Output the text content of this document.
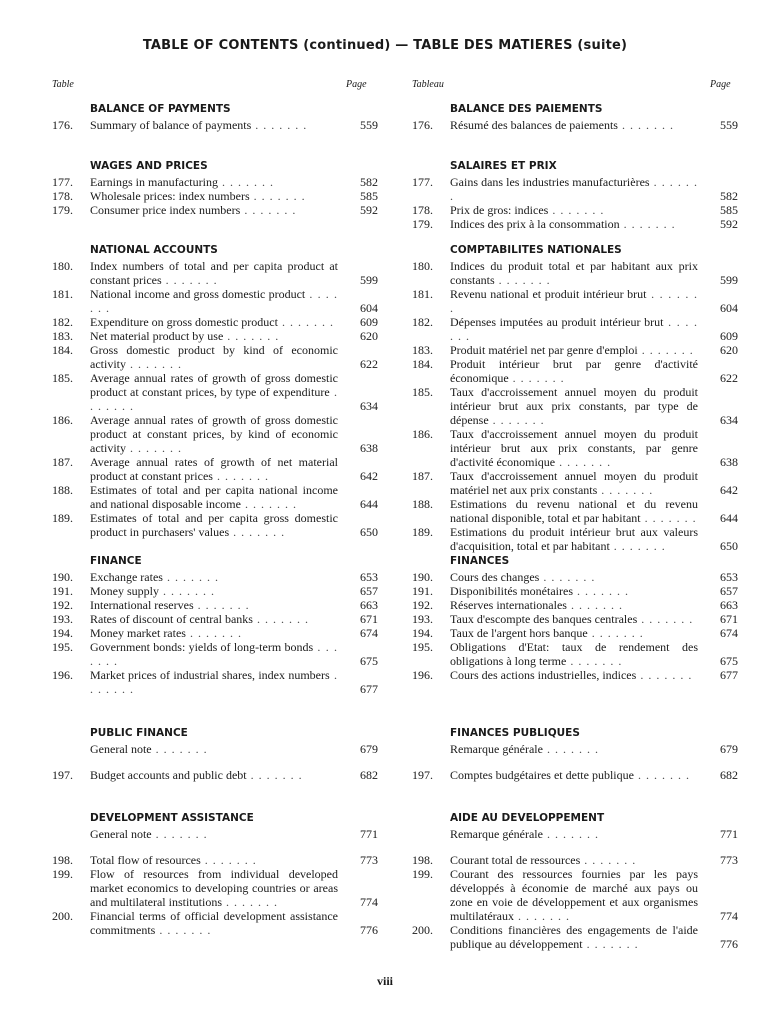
TABLE OF CONTENTS (continued) — TABLE DES MATIERES (suite)
Table	Page	Tableau	Page
BALANCE OF PAYMENTS
176. Summary of balance of payments . . . . . . .	559
WAGES AND PRICES
177. Earnings in manufacturing . . . . . . .	582
178. Wholesale prices: index numbers . . . . . . .	585
179. Consumer price index numbers . . . . . . .	592
NATIONAL ACCOUNTS
180. Index numbers of total and per capita product at constant prices . . . . . . .	599
181. National income and gross domestic product . . . . . . .	604
182. Expenditure on gross domestic product . . . . . . .	609
183. Net material product by use . . . . . . .	620
184. Gross domestic product by kind of economic activity . . . . . . .	622
185. Average annual rates of growth of gross domestic product at constant prices, by type of expenditure . . . . . . .	634
186. Average annual rates of growth of gross domestic product at constant prices, by kind of economic activity . . . . . . .	638
187. Average annual rates of growth of net material product at constant prices . . . . . . .	642
188. Estimates of total and per capita national income and national disposable income . . . . . . .	644
189. Estimates of total and per capita gross domestic product in purchasers' values . . . . . . .	650
FINANCE
190. Exchange rates . . . . . . .	653
191. Money supply . . . . . . .	657
192. International reserves . . . . . . .	663
193. Rates of discount of central banks . . . . . . .	671
194. Money market rates . . . . . . .	674
195. Government bonds: yields of long-term bonds . . . . . . .	675
196. Market prices of industrial shares, index numbers . . . . . . .	677
PUBLIC FINANCE
General note . . . . . . .	679
197. Budget accounts and public debt . . . . . . .	682
DEVELOPMENT ASSISTANCE
General note . . . . . . .	771
198. Total flow of resources . . . . . . .	773
199. Flow of resources from individual developed market economics to developing countries or areas and multilateral institutions . . . . . . .	774
200. Financial terms of official development assistance commitments . . . . . . .	776
BALANCE DES PAIEMENTS
176. Résumé des balances de paiements . . . . . . .	559
SALAIRES ET PRIX
177. Gains dans les industries manufacturières . . . . . . .	582
178. Prix de gros: indices . . . . . . .	585
179. Indices des prix à la consommation . . . . . . .	592
COMPTABILITES NATIONALES
180. Indices du produit total et par habitant aux prix constants . . . . . . .	599
181. Revenu national et produit intérieur brut . . . . . . .	604
182. Dépenses imputées au produit intérieur brut . . . . . . .	609
183. Produit matériel net par genre d'emploi . . . . . . .	620
184. Produit intérieur brut par genre d'activité économique . . . . . . .	622
185. Taux d'accroissement annuel moyen du produit intérieur brut aux prix constants, par type de dépense . . . . . . .	634
186. Taux d'accroissement annuel moyen du produit intérieur brut aux prix constants, par genre d'activité économique . . . . . . .	638
187. Taux d'accroissement annuel moyen du produit matériel net aux prix constants . . . . . . .	642
188. Estimations du revenu national et du revenu national disponible, total et par habitant . . . . . . . 644
189. Estimations du produit intérieur brut aux valeurs d'acquisition, total et par habitant . . . . . . .	650
FINANCES
190. Cours des changes . . . . . . .	653
191. Disponibilités monétaires . . . . . . .	657
192. Réserves internationales . . . . . . .	663
193. Taux d'escompte des banques centrales . . . . . . .	671
194. Taux de l'argent hors banque . . . . . . .	674
195. Obligations d'Etat: taux de rendement des obligations à long terme . . . . . . .	675
196. Cours des actions industrielles, indices . . . . . . .	677
FINANCES PUBLIQUES
Remarque générale . . . . . . .	679
197. Comptes budgétaires et dette publique . . . . . . .	682
AIDE AU DEVELOPPEMENT
Remarque générale . . . . . . .	771
198. Courant total de ressources . . . . . . .	773
199. Courant des ressources fournies par les pays développés à économie de marché aux pays ou zone en voie de développement et aux organismes multilatéraux . . . . . . .	774
200. Conditions financières des engagements de l'aide publique au développement . . . . . . .	776
viii
